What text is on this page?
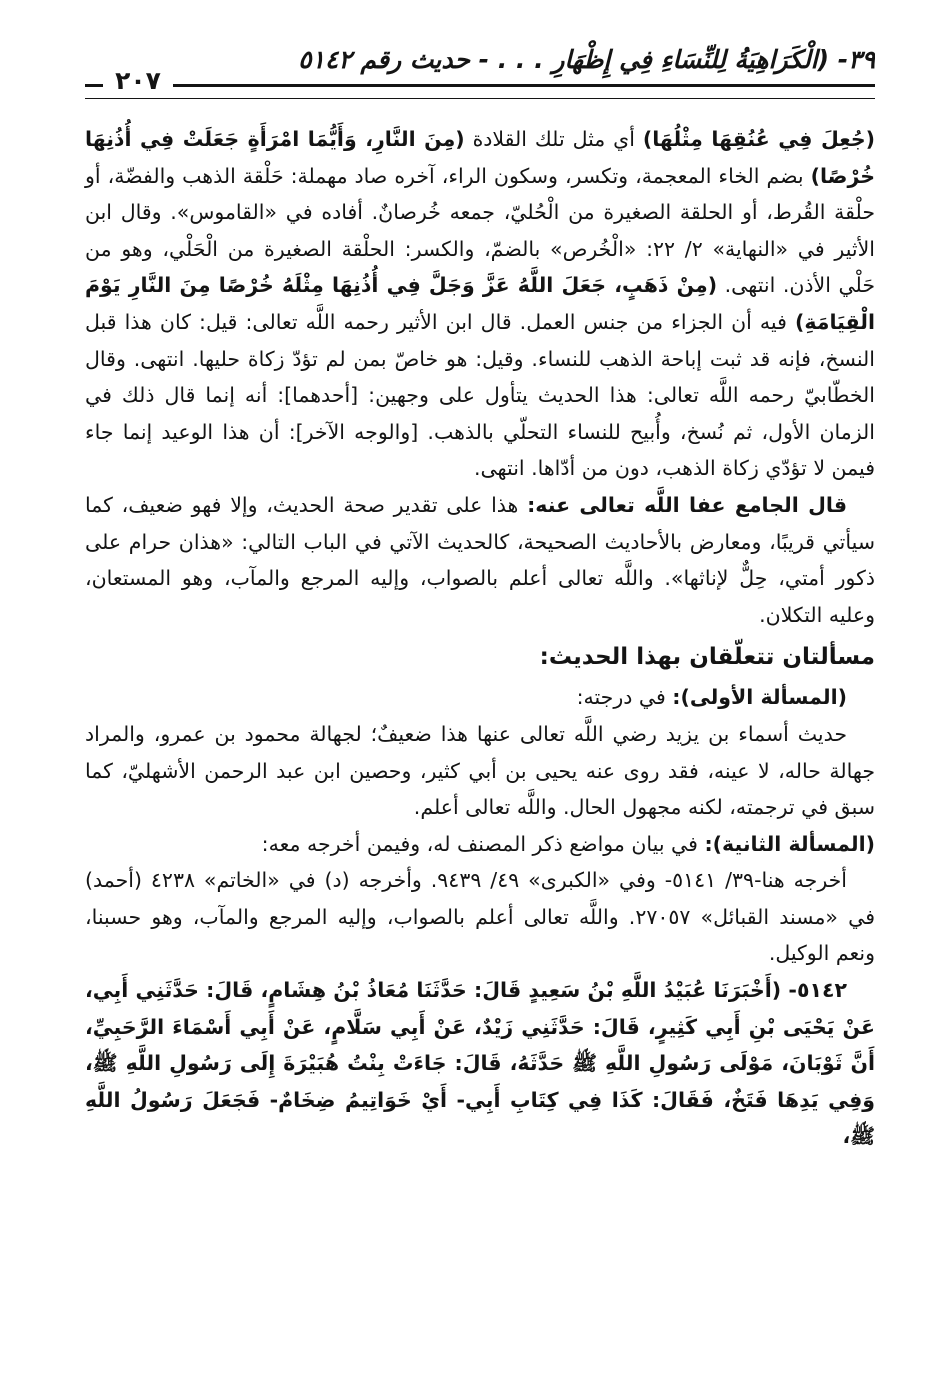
٣٩- (الْكَرَاهِيَةُ لِلنِّسَاءِ فِي إِظْهَارِ . . . - حديث رقم ٥١٤٢
٢٠٧

(جُعِلَ فِي عُنُقِهَا مِثْلُهَا) أي مثل تلك القلادة (مِنَ النَّارِ، وَأَيُّمَا امْرَأَةٍ جَعَلَتْ فِي أُذُنِهَا خُرْصًا) بضم الخاء المعجمة، وتكسر، وسكون الراء، آخره صاد مهملة: حَلْقة الذهب والفضّة، أو حلْقة القُرط، أو الحلقة الصغيرة من الْحُليّ، جمعه خُرصانٌ. أفاده في «القاموس». وقال ابن الأثير في «النهاية» ٢/ ٢٢: «الْخُرص» بالضمّ، والكسر: الحلْقة الصغيرة من الْحَلْي، وهو من حَلْي الأذن. انتهى. (مِنْ ذَهَبٍ، جَعَلَ اللَّهُ عَزَّ وَجَلَّ فِي أُذُنِهَا مِثْلَهُ خُرْصًا مِنَ النَّارِ يَوْمَ الْقِيَامَةِ) فيه أن الجزاء من جنس العمل. قال ابن الأثير رحمه اللَّه تعالى: قيل: كان هذا قبل النسخ، فإنه قد ثبت إباحة الذهب للنساء. وقيل: هو خاصّ بمن لم تؤدّ زكاة حليها. انتهى. وقال الخطّابيّ رحمه اللَّه تعالى: هذا الحديث يتأول على وجهين: [أحدهما]: أنه إنما قال ذلك في الزمان الأول، ثم نُسخ، وأُبيح للنساء التحلّي بالذهب. [والوجه الآخر]: أن هذا الوعيد إنما جاء فيمن لا تؤدّي زكاة الذهب، دون من أدّاها. انتهى.

قال الجامع عفا اللَّه تعالى عنه: هذا على تقدير صحة الحديث، وإلا فهو ضعيف، كما سيأتي قريبًا، ومعارض بالأحاديث الصحيحة، كالحديث الآتي في الباب التالي: «هذان حرام على ذكور أمتي، حِلٌّ لإناثها». واللَّه تعالى أعلم بالصواب، وإليه المرجع والمآب، وهو المستعان، وعليه التكلان.

مسألتان تتعلّقان بهذا الحديث:

(المسألة الأولى): في درجته:

حديث أسماء بن يزيد رضي اللَّه تعالى عنها هذا ضعيفٌ؛ لجهالة محمود بن عمرو، والمراد جهالة حاله، لا عينه، فقد روى عنه يحيى بن أبي كثير، وحصين ابن عبد الرحمن الأشهليّ، كما سبق في ترجمته، لكنه مجهول الحال. واللَّه تعالى أعلم.

(المسألة الثانية): في بيان مواضع ذكر المصنف له، وفيمن أخرجه معه:

أخرجه هنا-٣٩/ ٥١٤١- وفي «الكبرى» ٤٩/ ٩٤٣٩. وأخرجه (د) في «الخاتم» ٤٢٣٨ (أحمد) في «مسند القبائل» ٢٧٠٥٧. واللَّه تعالى أعلم بالصواب، وإليه المرجع والمآب، وهو حسبنا، ونعم الوكيل.

٥١٤٢- (أَخْبَرَنَا عُبَيْدُ اللَّهِ بْنُ سَعِيدٍ قَالَ: حَدَّثَنَا مُعَاذُ بْنُ هِشَامٍ، قَالَ: حَدَّثَنِي أَبِي، عَنْ يَحْيَى بْنِ أَبِي كَثِيرٍ، قَالَ: حَدَّثَنِي زَيْدٌ، عَنْ أَبِي سَلَّامٍ، عَنْ أَبِي أَسْمَاءَ الرَّحَبِيِّ، أَنَّ ثَوْبَانَ، مَوْلَى رَسُولِ اللَّهِ ﷺ حَدَّثَهُ، قَالَ: جَاءَتْ بِنْتُ هُبَيْرَةَ إِلَى رَسُولِ اللَّهِ ﷺ، وَفِي يَدِهَا فَتَخٌ، فَقَالَ: كَذَا فِي كِتَابِ أَبِي- أَيْ خَوَاتِيمُ ضِخَامٌ- فَجَعَلَ رَسُولُ اللَّهِ ﷺ،
